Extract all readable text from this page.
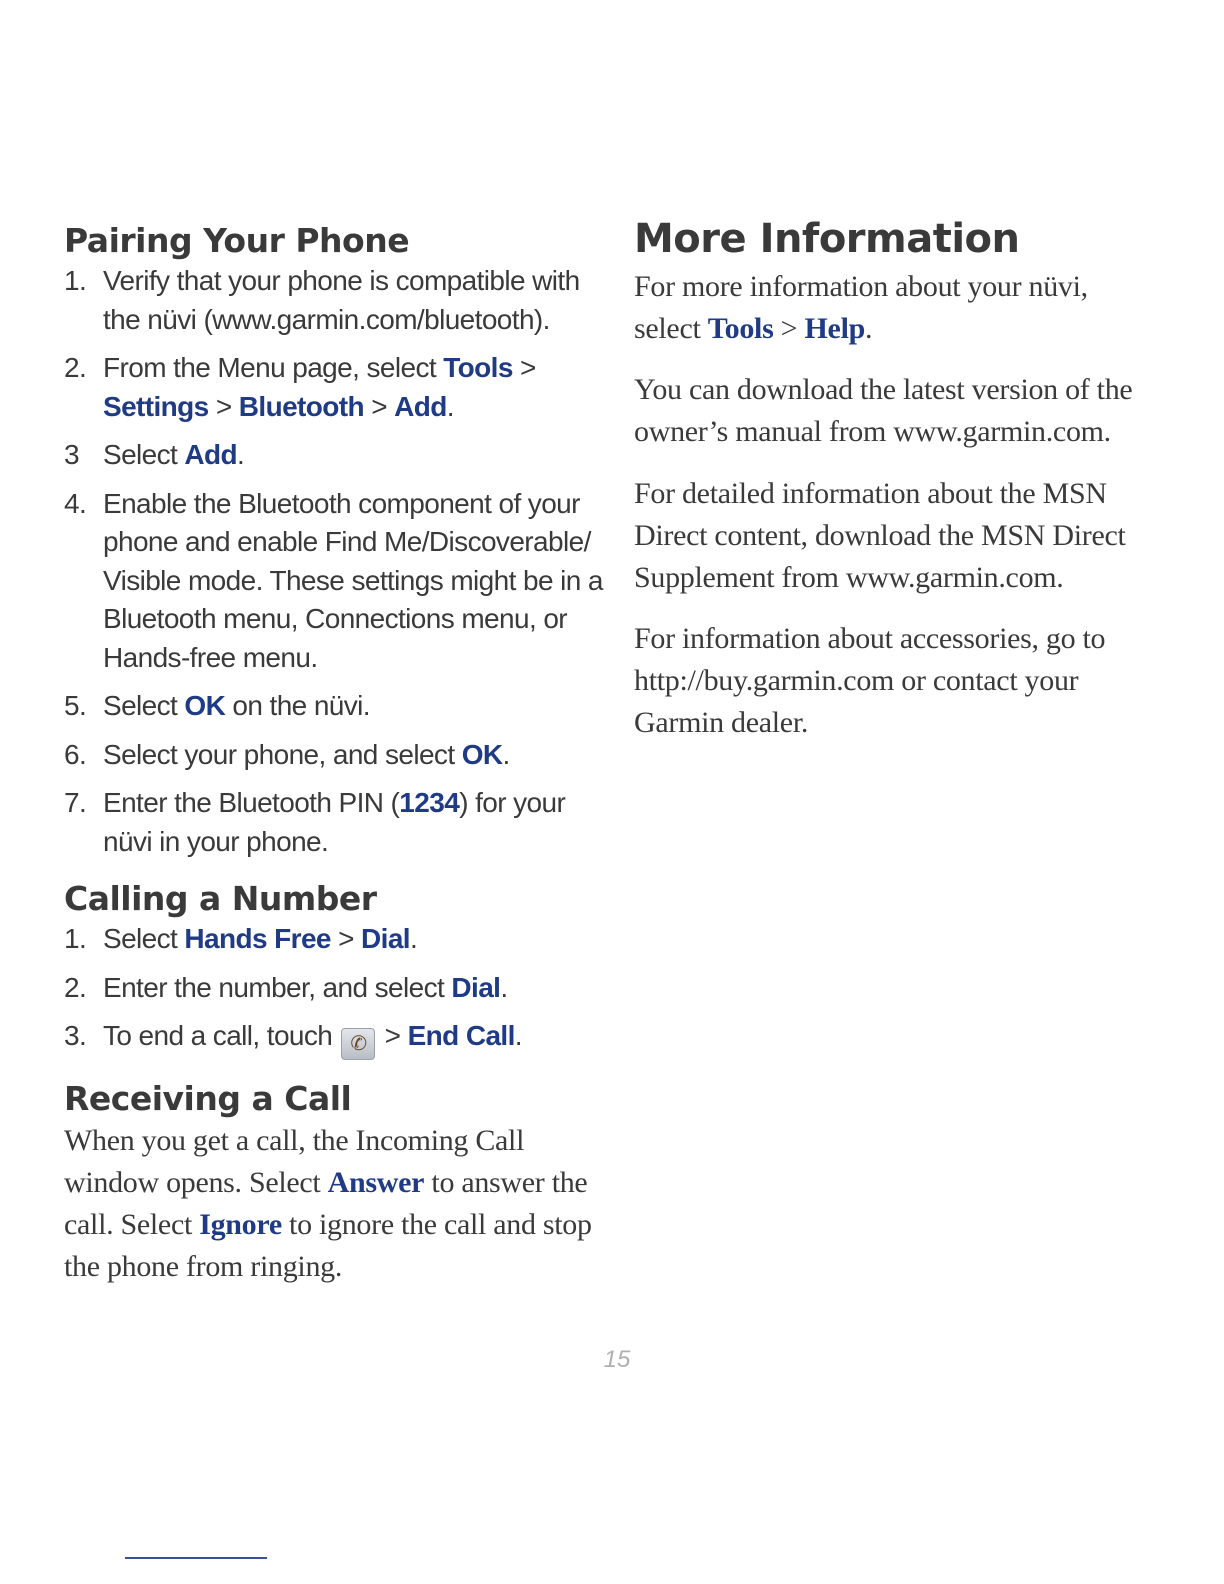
Pairing Your Phone
1. Verify that your phone is compatible with the nüvi (www.garmin.com/bluetooth).
2. From the Menu page, select Tools >
Settings > Bluetooth > Add.
3 Select Add.
4. Enable the Bluetooth component of your phone and enable Find Me/Discoverable/ Visible mode. These settings might be in a Bluetooth menu, Connections menu, or Hands-free menu.
5. Select OK on the nüvi.
6. Select your phone, and select OK.
7. Enter the Bluetooth PIN (1234) for your nüvi in your phone.
Calling a Number
1. Select Hands Free > Dial.
2. Enter the number, and select Dial.
3. To end a call, touch ✆ > End Call.
Receiving a Call

When you get a call, the Incoming Call window opens. Select Answer to answer the call. Select Ignore to ignore the call and stop the phone from ringing.

More Information

For more information about your nüvi, select Tools > Help.

You can download the latest version of the owner’s manual from www.garmin.com.

For detailed information about the MSN Direct content, download the MSN Direct Supplement from www.garmin.com.

For information about accessories, go to http://buy.garmin.com or contact your Garmin dealer.

15
